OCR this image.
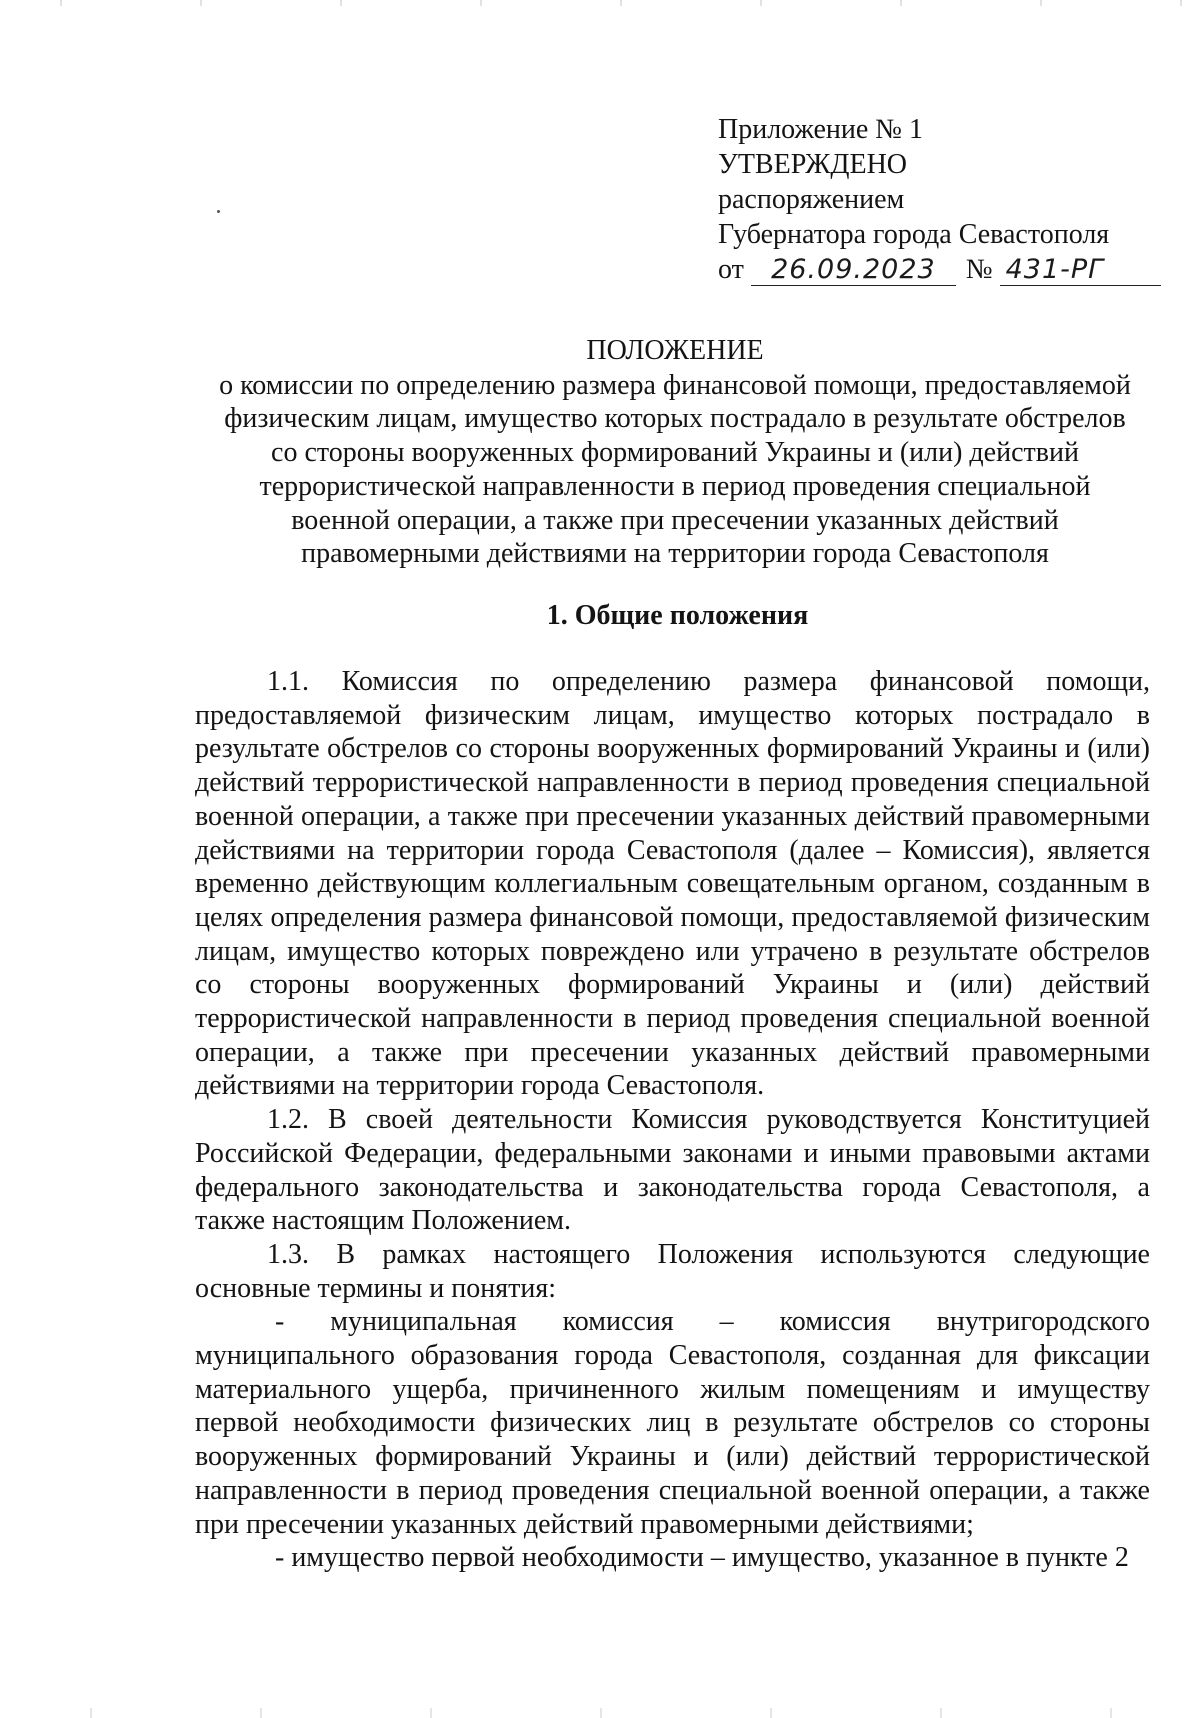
Приложение № 1
УТВЕРЖДЕНО
распоряжением
Губернатора города Севастополя
от 26.09.2023 № 431-РГ
ПОЛОЖЕНИЕ
о комиссии по определению размера финансовой помощи, предоставляемой
физическим лицам, имущество которых пострадало в результате обстрелов
со стороны вооруженных формирований Украины и (или) действий
террористической направленности в период проведения специальной
военной операции, а также при пресечении указанных действий
правомерными действиями на территории города Севастополя
1. Общие положения

1.1. Комиссия по определению размера финансовой помощи, предоставляемой физическим лицам, имущество которых пострадало в результате обстрелов со стороны вооруженных формирований Украины и (или) действий террористической направленности в период проведения специальной военной операции, а также при пресечении указанных действий правомерными действиями на территории города Севастополя (далее – Комиссия), является временно действующим коллегиальным совещательным органом, созданным в целях определения размера финансовой помощи, предоставляемой физическим лицам, имущество которых повреждено или утрачено в результате обстрелов со стороны вооруженных формирований Украины и (или) действий террористической направленности в период проведения специальной военной операции, а также при пресечении указанных действий правомерными действиями на территории города Севастополя.

1.2. В своей деятельности Комиссия руководствуется Конституцией Российской Федерации, федеральными законами и иными правовыми актами федерального законодательства и законодательства города Севастополя, а также настоящим Положением.

1.3. В рамках настоящего Положения используются следующие основные термины и понятия:

- муниципальная комиссия – комиссия внутригородского муниципального образования города Севастополя, созданная для фиксации материального ущерба, причиненного жилым помещениям и имуществу первой необходимости физических лиц в результате обстрелов со стороны вооруженных формирований Украины и (или) действий террористической направленности в период проведения специальной военной операции, а также при пресечении указанных действий правомерными действиями;

- имущество первой необходимости – имущество, указанное в пункте 2
